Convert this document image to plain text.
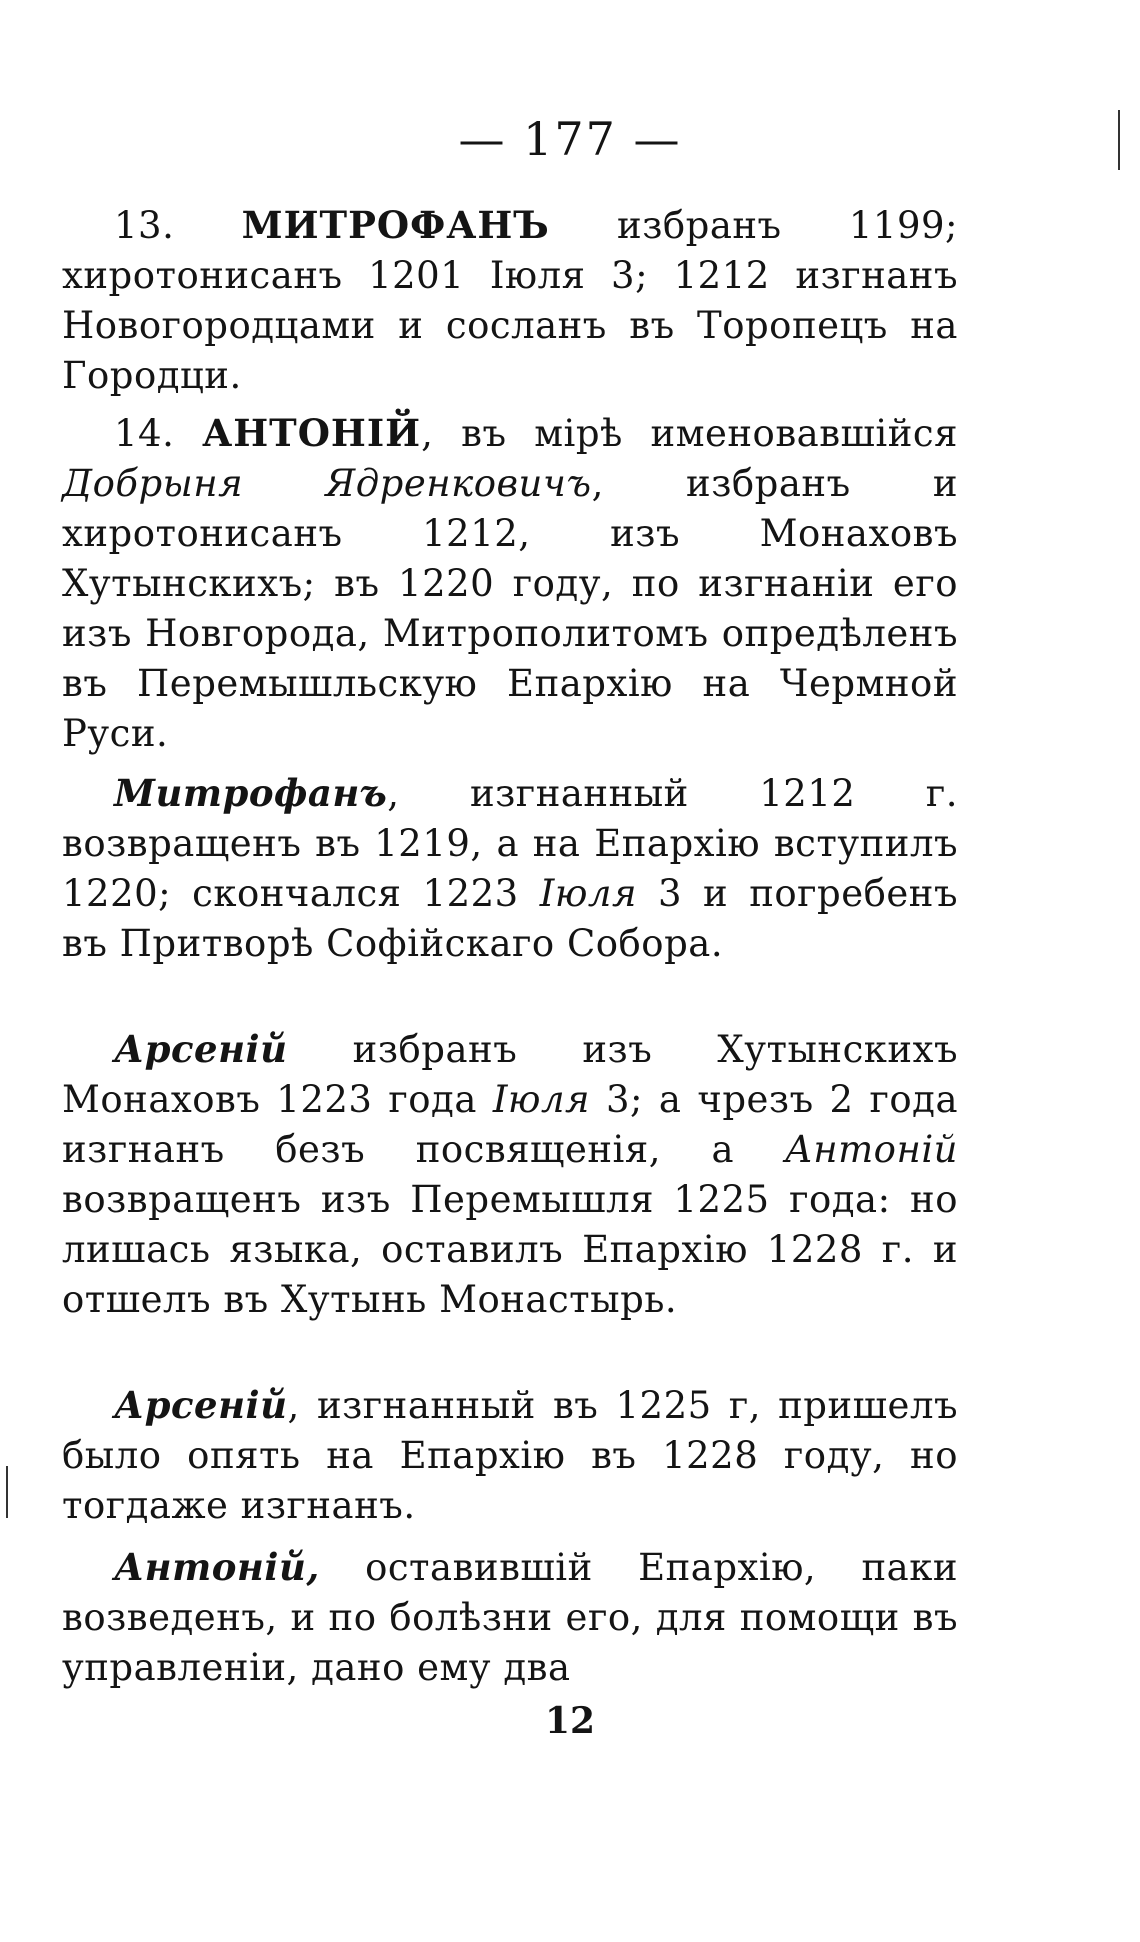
— 177 —

13. МИТРОФАНЪ избранъ 1199; хиротонисанъ 1201 Іюля 3; 1212 изгнанъ Новогородцами и сосланъ въ Торопецъ на Городци.

14. АНТОНІЙ, въ мірѣ именовавшійся Добрыня Ядренковичъ, избранъ и хиротонисанъ 1212, изъ Монаховъ Хутынскихъ; въ 1220 году, по изгнаніи его изъ Новгорода, Митрополитомъ опредѣленъ въ Перемышльскую Епархію на Чермной Руси.

Митрофанъ, изгнанный 1212 г. возвращенъ въ 1219, а на Епархію вступилъ 1220; скончался 1223 Іюля 3 и погребенъ въ Притворѣ Софійскаго Собора.

Арсеній избранъ изъ Хутынскихъ Монаховъ 1223 года Іюля 3; а чрезъ 2 года изгнанъ безъ посвященія, а Антоній возвращенъ изъ Перемышля 1225 года: но лишась языка, оставилъ Епархію 1228 г. и отшелъ въ Хутынь Монастырь.

Арсеній, изгнанный въ 1225 г, пришелъ было опять на Епархію въ 1228 году, но тогдаже изгнанъ.

Антоній, оставившій Епархію, паки возведенъ, и по болѣзни его, для помощи въ управленіи, дано ему два

12
